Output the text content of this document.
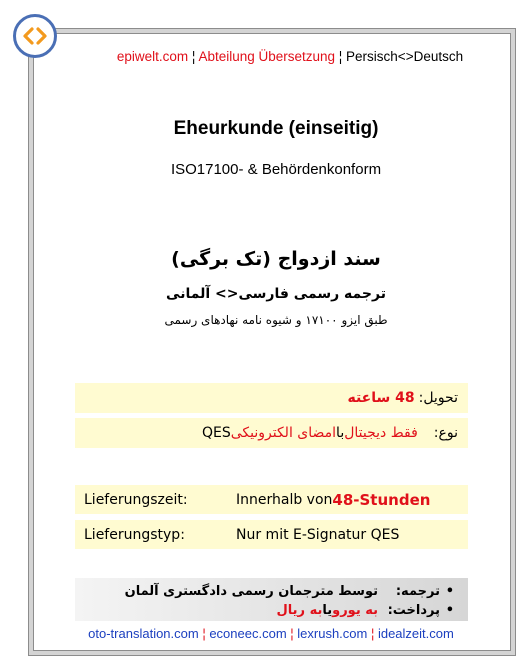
epiwelt.com ¦ Abteilung Übersetzung ¦ Persisch<>Deutsch
Eheurkunde (einseitig)
ISO17100- & Behördenkonform
سند ازدواج (تک برگی)
ترجمه رسمی فارسی<> آلمانی
طبق ایزو ۱۷۱۰۰ و شیوه نامه نهادهای رسمی
تحویل:
48 ساعته
نوع:
فقط دیجیتال
با
امضای الکترونیکی
QES
Lieferungszeit:	Innerhalb von 48-Stunden
Lieferungstyp:	Nur mit E-Signatur QES
•
ترجمه:
توسط مترجمان رسمی دادگستری آلمان
•
پرداخت:
به یورو
یا
به ریال
oto-translation.com ¦ econeec.com ¦ lexrush.com ¦ idealzeit.com
